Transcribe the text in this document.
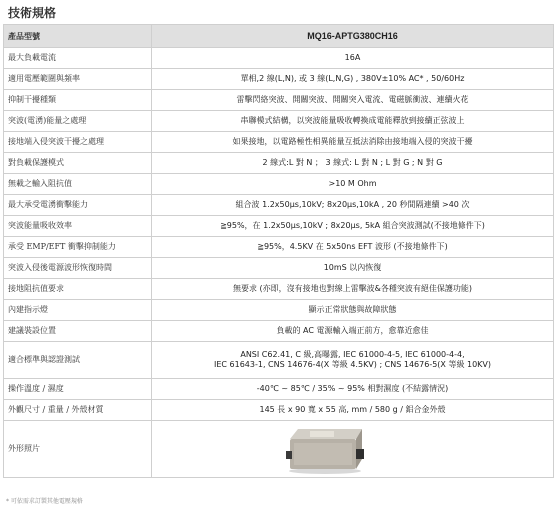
技術規格
產品型號	MQ16-APTG380CH16
最大負載電流	16A
適用電壓範圍與頻率	單相,2 線(L,N), 或 3 線(L,N,G) , 380V±10% AC* , 50/60Hz
抑制干擾種類	雷擊閃絡突波、開關突波、開關突入電流、電磁脈衝波、連續火花
突波(電湧)能量之處理	串聯模式結構，以突波能量吸收轉換成電能釋放到接續正弦波上
接地端入侵突波干擾之處理	如果接地，以電路極性相異能量互抵法消除由接地端入侵的突波干擾
對負載保護模式	2 線式:L 對 N ； 3 線式: L 對 N ; L 對 G ; N 對 G
無載之輸入阻抗值	>10 M Ohm
最大承受電湧衝擊能力	組合波 1.2x50μs,10kV; 8x20μs,10kA , 20 秒間隔連續 >40 次
突波能量吸收效率	≧95%，在 1.2x50μs,10kV ; 8x20μs, 5kA 組合突波測試(不接地條件下)
承受 EMP/EFT 衝擊抑制能力	≧95%，4.5KV 在 5x50ns EFT 波形 (不接地條件下)
突波入侵後電源波形恢復時間	10mS 以內恢復
接地阻抗值要求	無要求 (亦即，沒有接地也對線上雷擊波&各種突波有絕佳保護功能)
內建指示燈	顯示正常狀態與故障狀態
建議裝設位置	負載的 AC 電源輸入端正前方，愈靠近愈佳
適合標準與認證測試	ANSI C62.41, C 級,高曝露, IEC 61000-4-5, IEC 61000-4-4,
IEC 61643-1, CNS 14676-4(X 等級 4.5KV) ; CNS 14676-5(X 等級 10KV)

操作溫度 / 濕度	-40℃ ~ 85℃ / 35% ~ 95% 相對濕度 (不結露情況)
外觀尺寸 / 重量 / 外殼材質	145 長 x 90 寬 x 55 高, mm / 580 g / 鋁合金外殼
外形照片	
* 可依需求訂製其他電壓規格
